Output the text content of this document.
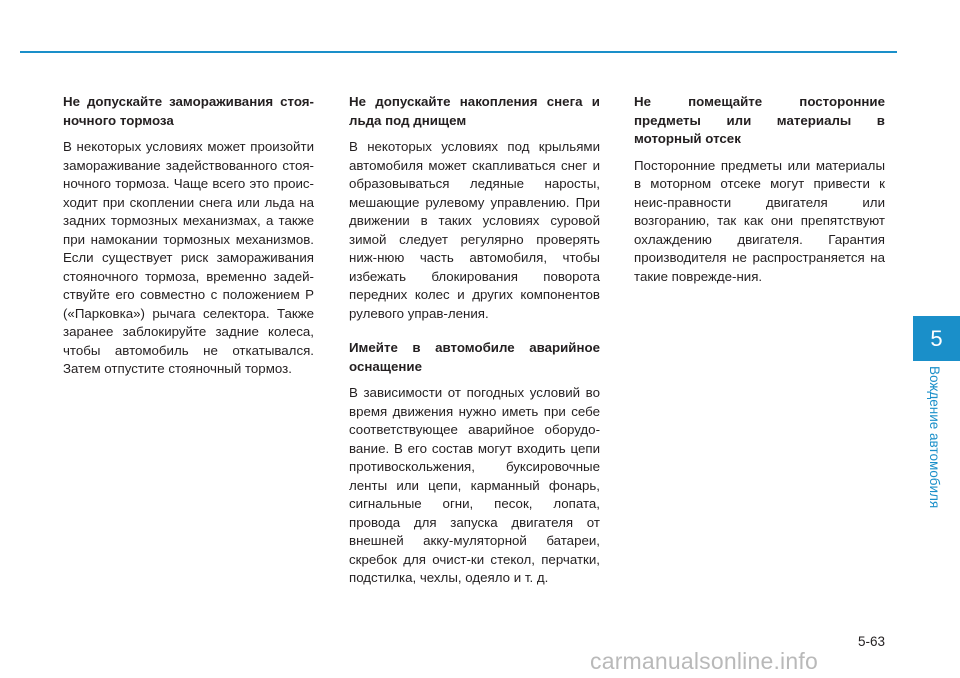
Не допускайте замораживания стоя-ночного тормоза

В некоторых условиях может произойти замораживание задействованного стоя-ночного тормоза. Чаще всего это проис-ходит при скоплении снега или льда на задних тормозных механизмах, а также при намокании тормозных механизмов. Если существует риск замораживания стояночного тормоза, временно задей-ствуйте его совместно с положением P («Парковка») рычага селектора. Также заранее заблокируйте задние колеса, чтобы автомобиль не откатывался. Затем отпустите стояночный тормоз.

Не допускайте накопления снега и льда под днищем

В некоторых условиях под крыльями автомобиля может скапливаться снег и образовываться ледяные наросты, мешающие рулевому управлению. При движении в таких условиях суровой зимой следует регулярно проверять ниж-нюю часть автомобиля, чтобы избежать блокирования поворота передних колес и других компонентов рулевого управ-ления.

Имейте в автомобиле аварийное оснащение

В зависимости от погодных условий во время движения нужно иметь при себе соответствующее аварийное оборудо-вание. В его состав могут входить цепи противоскольжения, буксировочные ленты или цепи, карманный фонарь, сигнальные огни, песок, лопата, провода для запуска двигателя от внешней акку-муляторной батареи, скребок для очист-ки стекол, перчатки, подстилка, чехлы, одеяло и т. д.

Не помещайте посторонние предметы или материалы в моторный отсек

Посторонние предметы или материалы в моторном отсеке могут привести к неис-правности двигателя или возгоранию, так как они препятствуют охлаждению двигателя. Гарантия производителя не распространяется на такие повреждe-ния.

5
Вождение автомобиля
5-63
carmanualsonline.info
